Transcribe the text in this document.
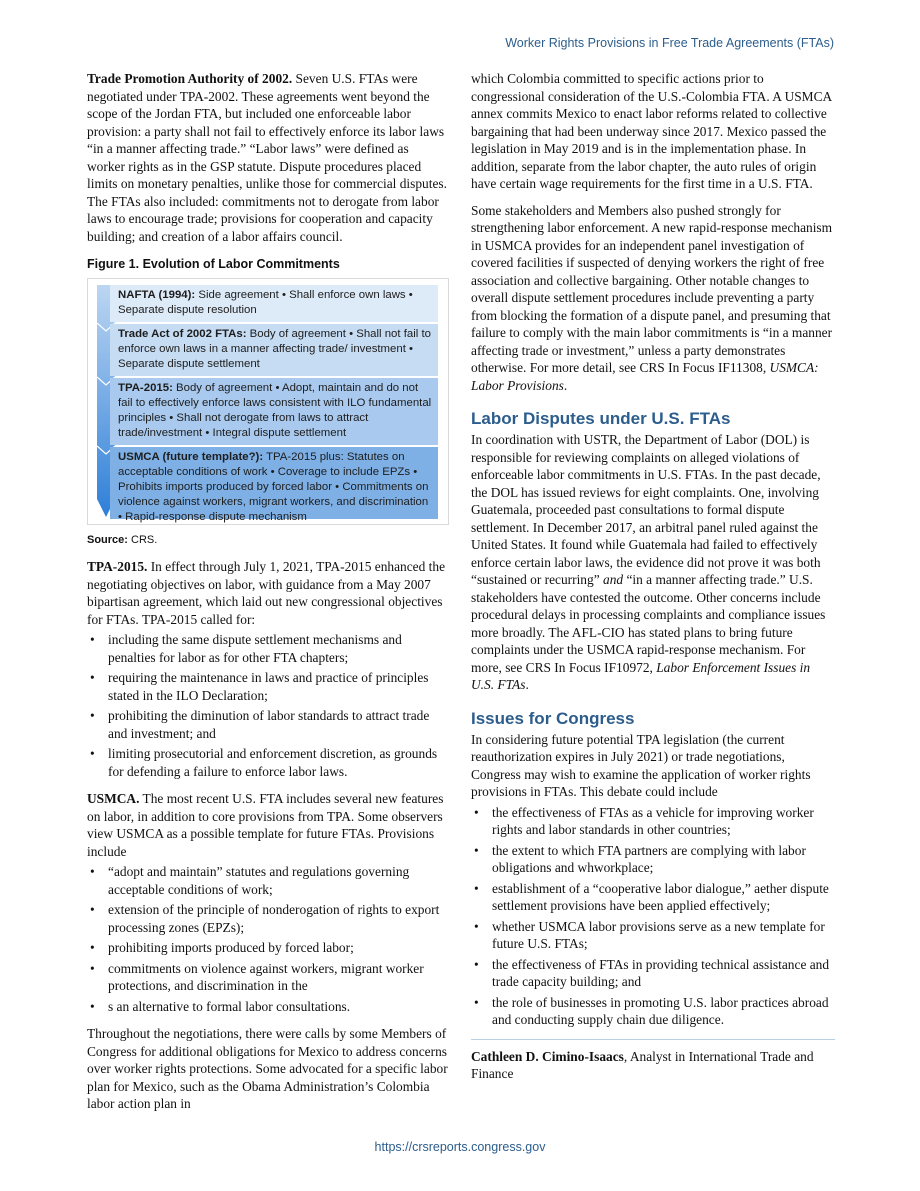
Worker Rights Provisions in Free Trade Agreements (FTAs)

Trade Promotion Authority of 2002. Seven U.S. FTAs were negotiated under TPA-2002. These agreements went beyond the scope of the Jordan FTA, but included one enforceable labor provision: a party shall not fail to effectively enforce its labor laws “in a manner affecting trade.” “Labor laws” were defined as worker rights as in the GSP statute. Dispute procedures placed limits on monetary penalties, unlike those for commercial disputes. The FTAs also included: commitments not to derogate from labor laws to encourage trade; provisions for cooperation and capacity building; and creation of a labor affairs council.

Figure 1. Evolution of Labor Commitments
NAFTA (1994): Side agreement • Shall enforce own laws • Separate dispute resolution
Trade Act of 2002 FTAs: Body of agreement • Shall not fail to enforce own laws in a manner affecting trade/ investment • Separate dispute settlement
TPA-2015: Body of agreement • Adopt, maintain and do not fail to effectively enforce laws consistent with ILO fundamental principles • Shall not derogate from laws to attract trade/investment • Integral dispute settlement
USMCA (future template?): TPA-2015 plus: Statutes on acceptable conditions of work • Coverage to include EPZs • Prohibits imports produced by forced labor • Commitments on violence against workers, migrant workers, and discrimination • Rapid-response dispute mechanism
Source: CRS.

TPA-2015. In effect through July 1, 2021, TPA-2015 enhanced the negotiating objectives on labor, with guidance from a May 2007 bipartisan agreement, which laid out new congressional objectives for FTAs. TPA-2015 called for:

• including the same dispute settlement mechanisms and penalties for labor as for other FTA chapters;
• requiring the maintenance in laws and practice of principles stated in the ILO Declaration;
• prohibiting the diminution of labor standards to attract trade and investment; and
• limiting prosecutorial and enforcement discretion, as grounds for defending a failure to enforce labor laws.

USMCA. The most recent U.S. FTA includes several new features on labor, in addition to core provisions from TPA. Some observers view USMCA as a possible template for future FTAs. Provisions include

• “adopt and maintain” statutes and regulations governing acceptable conditions of work;
• extension of the principle of nonderogation of rights to export processing zones (EPZs);
• prohibiting imports produced by forced labor;
• commitments on violence against workers, migrant worker protections, and discrimination in the
• s an alternative to formal labor consultations.

Throughout the negotiations, there were calls by some Members of Congress for additional obligations for Mexico to address concerns over worker rights protections. Some advocated for a specific labor plan for Mexico, such as the Obama Administration’s Colombia labor action plan in

which Colombia committed to specific actions prior to congressional consideration of the U.S.-Colombia FTA. A USMCA annex commits Mexico to enact labor reforms related to collective bargaining that had been underway since 2017. Mexico passed the legislation in May 2019 and is in the implementation phase. In addition, separate from the labor chapter, the auto rules of origin have certain wage requirements for the first time in a U.S. FTA.

Some stakeholders and Members also pushed strongly for strengthening labor enforcement. A new rapid-response mechanism in USMCA provides for an independent panel investigation of covered facilities if suspected of denying workers the right of free association and collective bargaining. Other notable changes to overall dispute settlement procedures include preventing a party from blocking the formation of a dispute panel, and presuming that failure to comply with the main labor commitments is “in a manner affecting trade or investment,” unless a party demonstrates otherwise. For more detail, see CRS In Focus IF11308, USMCA: Labor Provisions.

Labor Disputes under U.S. FTAs

In coordination with USTR, the Department of Labor (DOL) is responsible for reviewing complaints on alleged violations of enforceable labor commitments in U.S. FTAs. In the past decade, the DOL has issued reviews for eight complaints. One, involving Guatemala, proceeded past consultations to formal dispute settlement. In December 2017, an arbitral panel ruled against the United States. It found while Guatemala had failed to effectively enforce certain labor laws, the evidence did not prove it was both “sustained or recurring” and “in a manner affecting trade.” U.S. stakeholders have contested the outcome. Other concerns include procedural delays in processing complaints and compliance issues more broadly. The AFL-CIO has stated plans to bring future complaints under the USMCA rapid-response mechanism. For more, see CRS In Focus IF10972, Labor Enforcement Issues in U.S. FTAs.

Issues for Congress

In considering future potential TPA legislation (the current reauthorization expires in July 2021) or trade negotiations, Congress may wish to examine the application of worker rights provisions in FTAs. This debate could include

• the effectiveness of FTAs as a vehicle for improving worker rights and labor standards in other countries;
• the extent to which FTA partners are complying with labor obligations and whworkplace;
• establishment of a “cooperative labor dialogue,” aether dispute settlement provisions have been applied effectively;
• whether USMCA labor provisions serve as a new template for future U.S. FTAs;
• the effectiveness of FTAs in providing technical assistance and trade capacity building; and
• the role of businesses in promoting U.S. labor practices abroad and conducting supply chain due diligence.

Cathleen D. Cimino-Isaacs, Analyst in International Trade and Finance

https://crsreports.congress.gov
